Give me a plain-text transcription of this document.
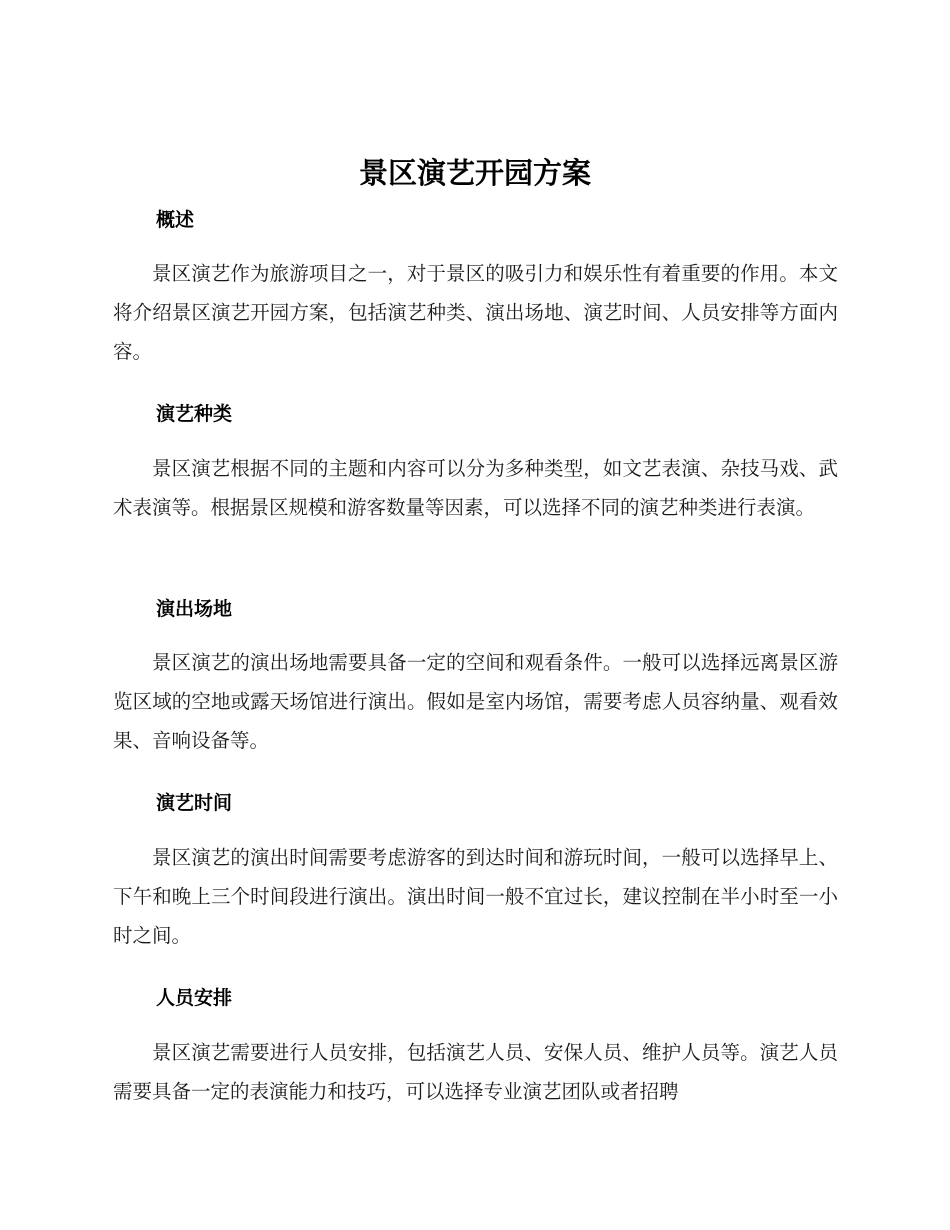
景区演艺开园方案
概述

景区演艺作为旅游项目之一，对于景区的吸引力和娱乐性有着重要的作用。本文将介绍景区演艺开园方案，包括演艺种类、演出场地、演艺时间、人员安排等方面内容。

演艺种类

景区演艺根据不同的主题和内容可以分为多种类型，如文艺表演、杂技马戏、武术表演等。根据景区规模和游客数量等因素，可以选择不同的演艺种类进行表演。

演出场地

景区演艺的演出场地需要具备一定的空间和观看条件。一般可以选择远离景区游览区域的空地或露天场馆进行演出。假如是室内场馆，需要考虑人员容纳量、观看效果、音响设备等。

演艺时间

景区演艺的演出时间需要考虑游客的到达时间和游玩时间，一般可以选择早上、下午和晚上三个时间段进行演出。演出时间一般不宜过长，建议控制在半小时至一小时之间。

人员安排

景区演艺需要进行人员安排，包括演艺人员、安保人员、维护人员等。演艺人员需要具备一定的表演能力和技巧，可以选择专业演艺团队或者招聘
